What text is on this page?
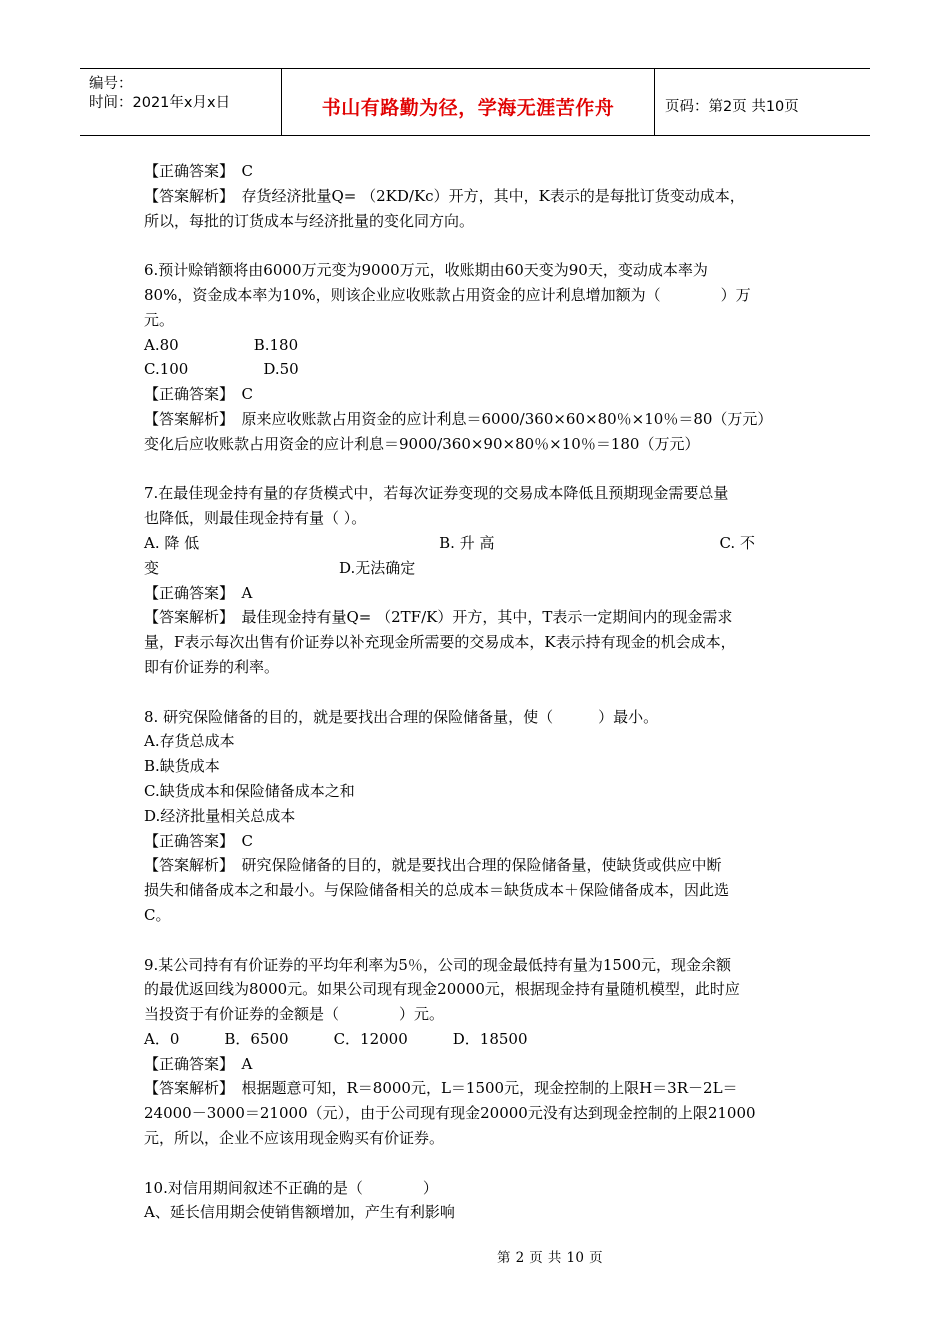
编号：
时间：2021年x月x日	书山有路勤为径，学海无涯苦作舟	页码：第2页 共10页
【正确答案】　C
【答案解析】　存货经济批量Q= （2KD/Kc）开方，其中，K表示的是每批订货变动成本，
所以，每批的订货成本与经济批量的变化同方向。
6.预计赊销额将由6000万元变为9000万元，收账期由60天变为90天，变动成本率为
80%，资金成本率为10%，则该企业应收账款占用资金的应计利息增加额为（　　　　）万
元。
A.80　　　　　B.180
C.100　　　　　D.50
【正确答案】　C
【答案解析】　原来应收账款占用资金的应计利息＝6000/360×60×80％×10％＝80（万元）
变化后应收账款占用资金的应计利息＝9000/360×90×80％×10％＝180（万元）
7.在最佳现金持有量的存货模式中，若每次证券变现的交易成本降低且预期现金需要总量
也降低，则最佳现金持有量（ ）。
A. 降 低　　　　　　　　　　　　　　　　B. 升 高　　　　　　　　　　　　　　　C. 不
变　　　　　　　　　　　　D.无法确定
【正确答案】　A
【答案解析】　最佳现金持有量Q= （2TF/K）开方，其中，T表示一定期间内的现金需求
量，F表示每次出售有价证券以补充现金所需要的交易成本，K表示持有现金的机会成本，
即有价证券的利率。
8. 研究保险储备的目的，就是要找出合理的保险储备量，使（　　　）最小。
A.存货总成本
B.缺货成本
C.缺货成本和保险储备成本之和
D.经济批量相关总成本
【正确答案】　C
【答案解析】　研究保险储备的目的，就是要找出合理的保险储备量，使缺货或供应中断
损失和储备成本之和最小。与保险储备相关的总成本＝缺货成本＋保险储备成本，因此选
C。
9.某公司持有有价证券的平均年利率为5％，公司的现金最低持有量为1500元，现金余额
的最优返回线为8000元。如果公司现有现金20000元，根据现金持有量随机模型，此时应
当投资于有价证券的金额是（　　　　）元。
A．0　　　B．6500　　　C．12000　　　D．18500
【正确答案】　A
【答案解析】　根据题意可知，R＝8000元，L＝1500元，现金控制的上限H＝3R－2L＝
24000－3000＝21000（元），由于公司现有现金20000元没有达到现金控制的上限21000
元，所以，企业不应该用现金购买有价证券。
10.对信用期间叙述不正确的是（　　　　）
A、延长信用期会使销售额增加，产生有利影响
第 2 页 共 10 页
